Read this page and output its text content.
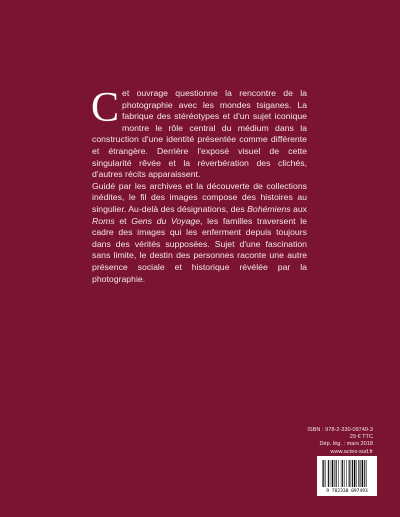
Cet ouvrage questionne la rencontre de la photographie avec les mondes tsiganes. La fabrique des stéréotypes et d'un sujet iconique montre le rôle central du médium dans la construction d'une identité présentée comme différente et étrangère. Derrière l'exposé visuel de cette singularité rêvée et la réverbération des clichés, d'autres récits apparaissent.

Guidé par les archives et la découverte de collections inédites, le fil des images compose des histoires au singulier. Au-delà des désignations, des Bohémiens aux Roms et Gens du Voyage, les familles traversent le cadre des images qui les enferment depuis toujours dans des vérités supposées. Sujet d'une fascination sans limite, le destin des personnes raconte une autre présence sociale et historique révélée par la photographie.

ISBN : 978-2-330-09749-3
29 € TTC
Dép. lég. : mars 2018
www.actes-sud.fr
9 782330 097493
